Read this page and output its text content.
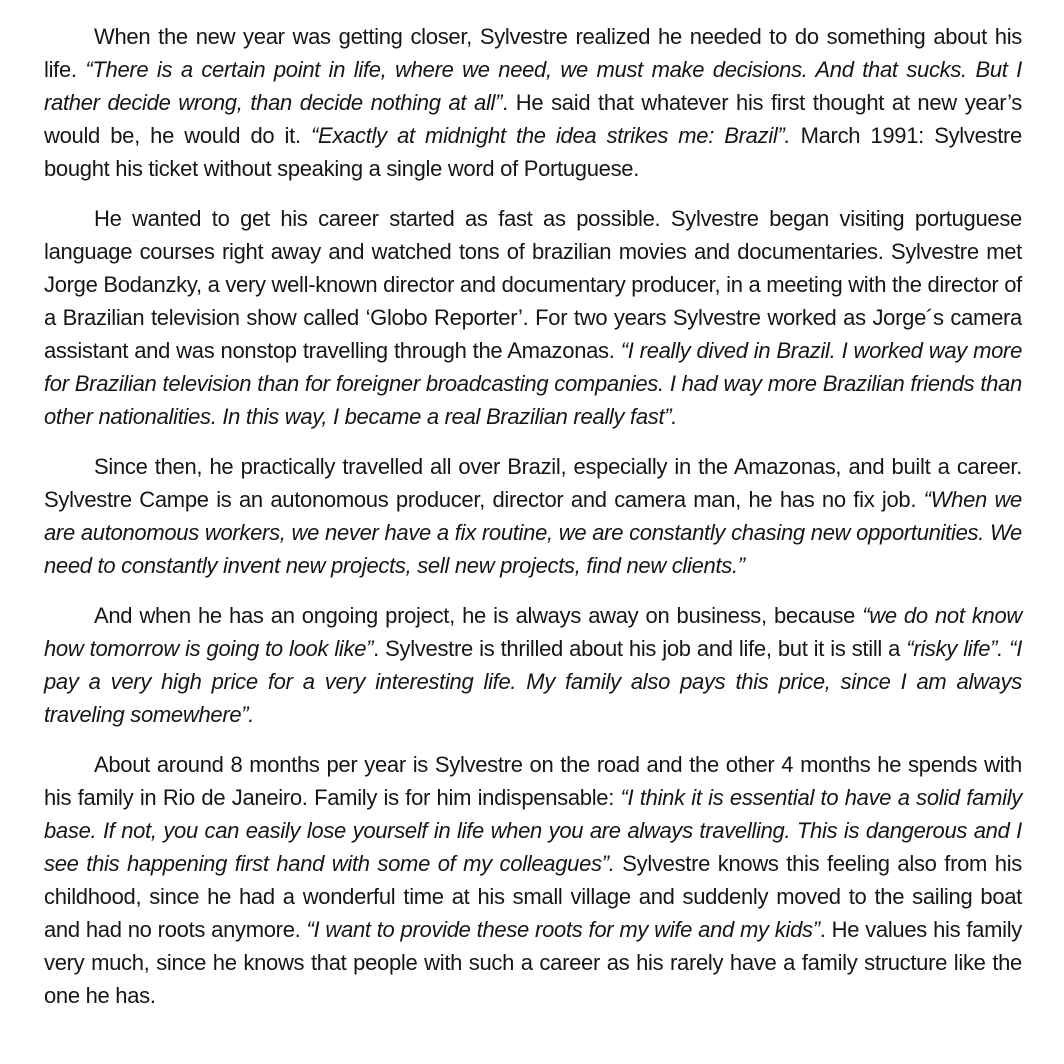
When the new year was getting closer, Sylvestre realized he needed to do something about his life. “There is a certain point in life, where we need, we must make decisions. And that sucks. But I rather decide wrong, than decide nothing at all”. He said that whatever his first thought at new year’s would be, he would do it. “Exactly at midnight the idea strikes me: Brazil”. March 1991: Sylvestre bought his ticket without speaking a single word of Portuguese.

He wanted to get his career started as fast as possible. Sylvestre began visiting portuguese language courses right away and watched tons of brazilian movies and documentaries. Sylvestre met Jorge Bodanzky, a very well-known director and documentary producer, in a meeting with the director of a Brazilian television show called ‘Globo Reporter’. For two years Sylvestre worked as Jorge´s camera assistant and was nonstop travelling through the Amazonas. “I really dived in Brazil. I worked way more for Brazilian television than for foreigner broadcasting companies. I had way more Brazilian friends than other nationalities. In this way, I became a real Brazilian really fast”.

Since then, he practically travelled all over Brazil, especially in the Amazonas, and built a career. Sylvestre Campe is an autonomous producer, director and camera man, he has no fix job. “When we are autonomous workers, we never have a fix routine, we are constantly chasing new opportunities. We need to constantly invent new projects, sell new projects, find new clients.”

And when he has an ongoing project, he is always away on business, because “we do not know how tomorrow is going to look like”. Sylvestre is thrilled about his job and life, but it is still a “risky life”. “I pay a very high price for a very interesting life. My family also pays this price, since I am always traveling somewhere”.

About around 8 months per year is Sylvestre on the road and the other 4 months he spends with his family in Rio de Janeiro. Family is for him indispensable: “I think it is essential to have a solid family base. If not, you can easily lose yourself in life when you are always travelling. This is dangerous and I see this happening first hand with some of my colleagues”. Sylvestre knows this feeling also from his childhood, since he had a wonderful time at his small village and suddenly moved to the sailing boat and had no roots anymore. “I want to provide these roots for my wife and my kids”. He values his family very much, since he knows that people with such a career as his rarely have a family structure like the one he has.
